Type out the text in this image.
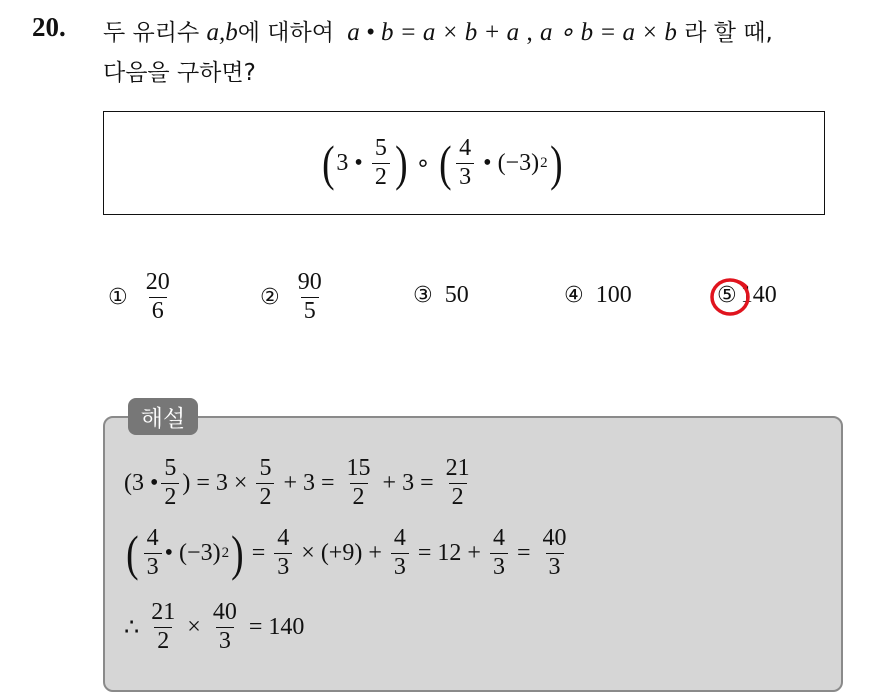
20. 두 유리수 a,b에 대하여 a • b = a × b + a , a ∘ b = a × b 라 할 때,
다음을 구하면?
( 3 • $\frac{5}{2}$ ) ∘ ( $\frac{4}{3}$ • (−3) 2 )
① $\frac{20}{6}$	② $\frac{90}{5}$	③ 50	④ 100	⑤ 140
해설
(3 • $\frac{5}{2}$ ) = $3 \times \frac{5}{2} + 3 = \frac{15}{2} + 3 = \frac{21}{2}$
( $\frac{4}{3}$ • (−3) 2 ) = $\frac{4}{3} \times (+9) + \frac{4}{3} = 12 + \frac{4}{3} = \frac{40}{3}$
∴ $\frac{21}{2} \times \frac{40}{3} = 140$
